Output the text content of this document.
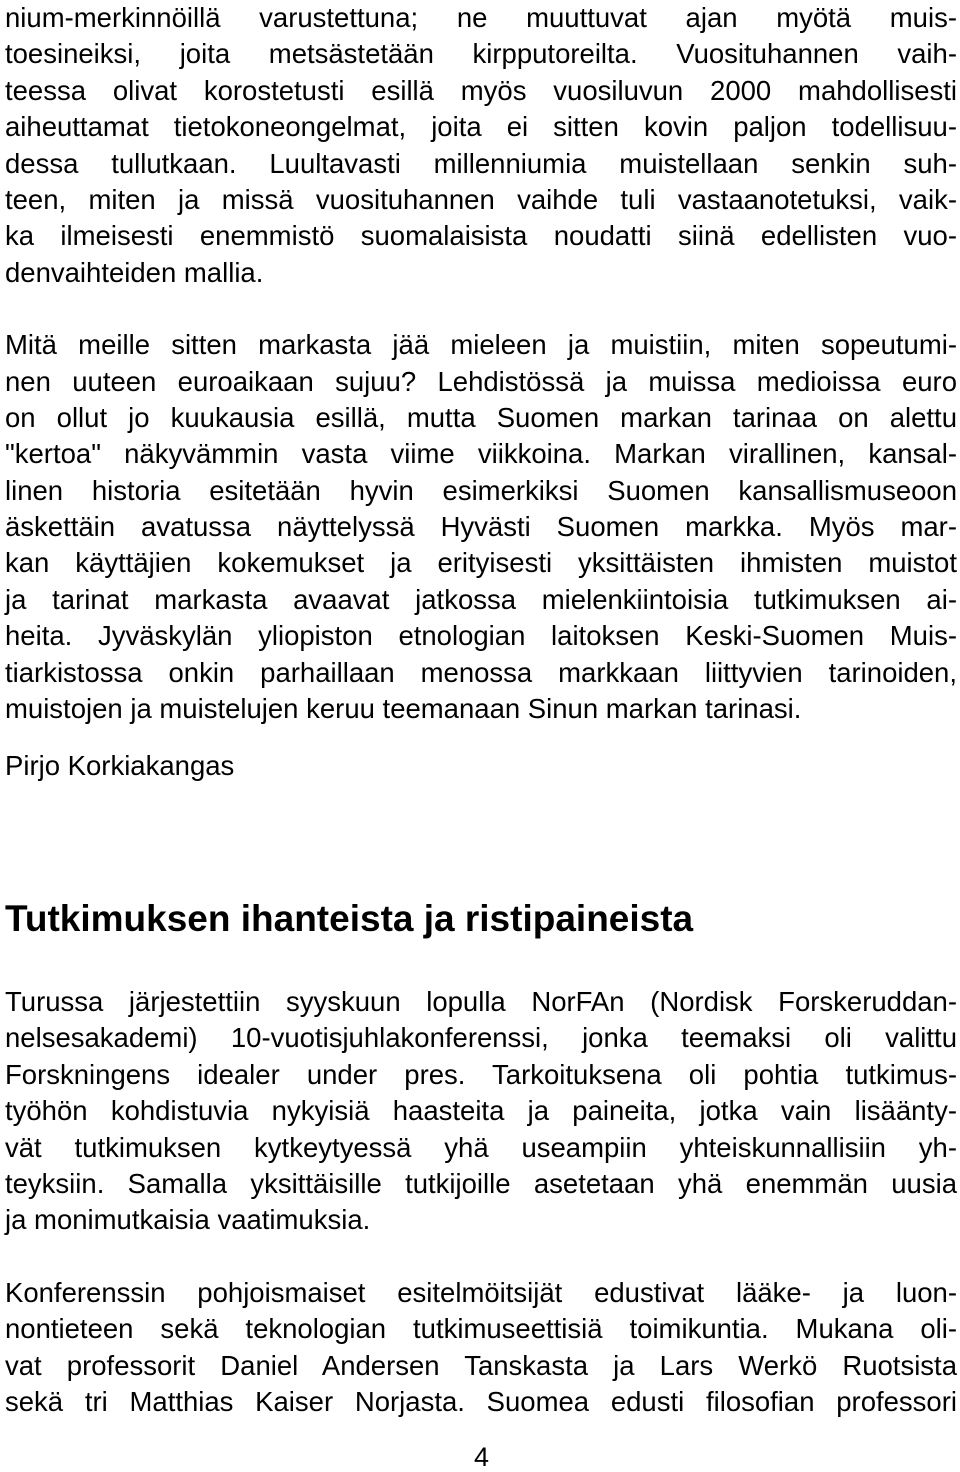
nium-merkinnöillä varustettuna; ne muuttuvat ajan myötä muis-

toesineiksi, joita metsästetään kirpputoreilta. Vuosituhannen vaih-

teessa olivat korostetusti esillä myös vuosiluvun 2000 mahdollisesti

aiheuttamat tietokoneongelmat, joita ei sitten kovin paljon todellisuu-

dessa tullutkaan. Luultavasti millenniumia muistellaan senkin suh-

teen, miten ja missä vuosituhannen vaihde tuli vastaanotetuksi, vaik-

ka ilmeisesti enemmistö suomalaisista noudatti siinä edellisten vuo-

denvaihteiden mallia.

Mitä meille sitten markasta jää mieleen ja muistiin, miten sopeutumi-

nen uuteen euroaikaan sujuu? Lehdistössä ja muissa medioissa euro

on ollut jo kuukausia esillä, mutta Suomen markan tarinaa on alettu

"kertoa" näkyvämmin vasta viime viikkoina. Markan virallinen, kansal-

linen historia esitetään hyvin esimerkiksi Suomen kansallismuseoon

äskettäin avatussa näyttelyssä Hyvästi Suomen markka. Myös mar-

kan käyttäjien kokemukset ja erityisesti yksittäisten ihmisten muistot

ja tarinat markasta avaavat jatkossa mielenkiintoisia tutkimuksen ai-

heita. Jyväskylän yliopiston etnologian laitoksen Keski-Suomen Muis-

tiarkistossa onkin parhaillaan menossa markkaan liittyvien tarinoiden,

muistojen ja muistelujen keruu teemanaan Sinun markan tarinasi.

Pirjo Korkiakangas
Tutkimuksen ihanteista ja ristipaineista

Turussa järjestettiin syyskuun lopulla NorFAn (Nordisk Forskeruddan-

nelsesakademi) 10-vuotisjuhlakonferenssi, jonka teemaksi oli valittu

Forskningens idealer under pres. Tarkoituksena oli pohtia tutkimus-

työhön kohdistuvia nykyisiä haasteita ja paineita, jotka vain lisäänty-

vät tutkimuksen kytkeytyessä yhä useampiin yhteiskunnallisiin yh-

teyksiin. Samalla yksittäisille tutkijoille asetetaan yhä enemmän uusia

ja monimutkaisia vaatimuksia.

Konferenssin pohjoismaiset esitelmöitsijät edustivat lääke- ja luon-

nontieteen sekä teknologian tutkimuseettisiä toimikuntia. Mukana oli-

vat professorit Daniel Andersen Tanskasta ja Lars Werkö Ruotsista

sekä tri Matthias Kaiser Norjasta. Suomea edusti filosofian professori

4
